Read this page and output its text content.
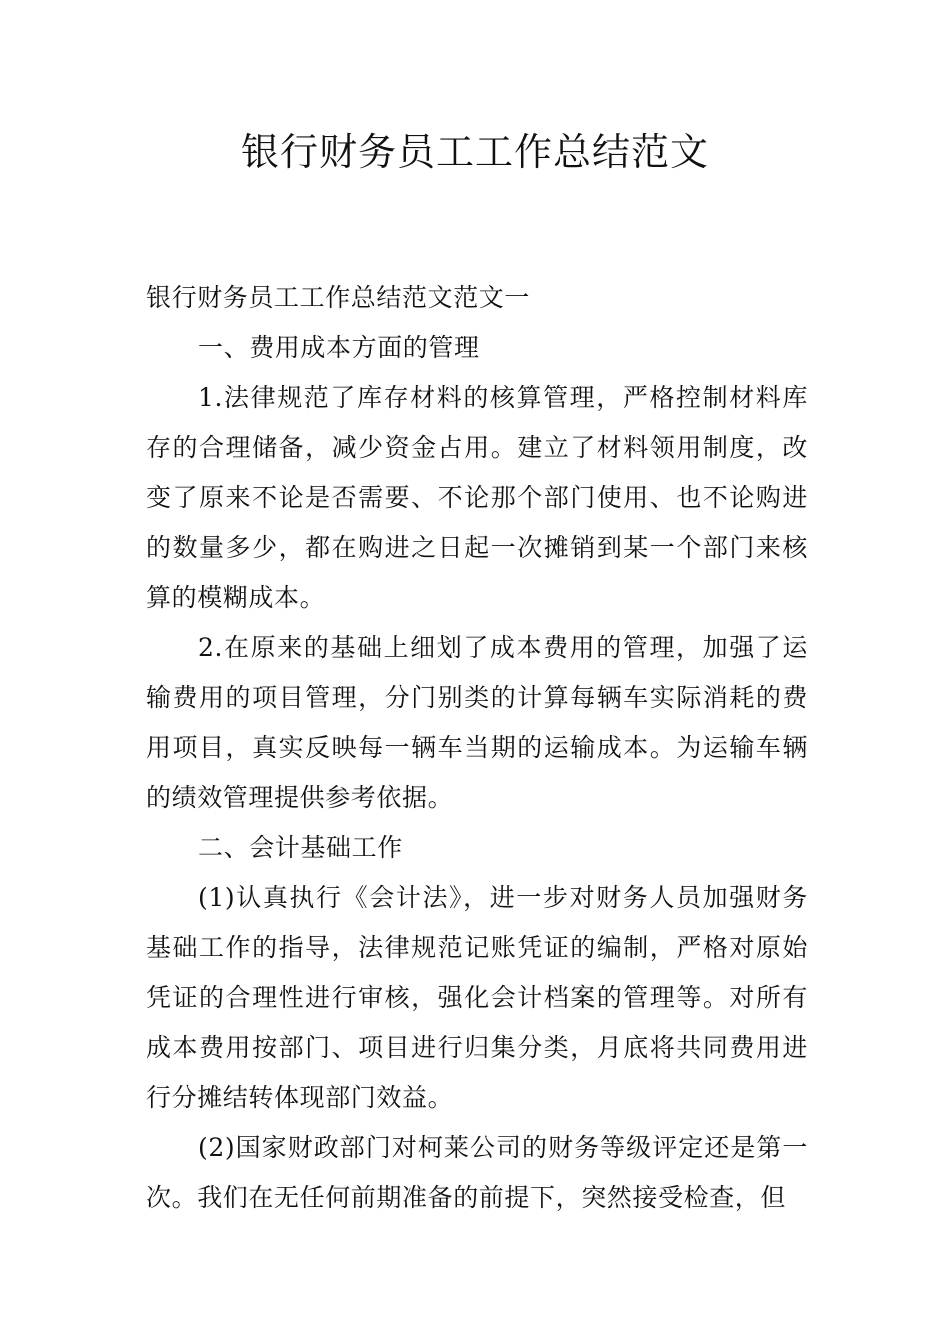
银行财务员工工作总结范文

银行财务员工工作总结范文范文一

一、费用成本方面的管理

1.法律规范了库存材料的核算管理，严格控制材料库存的合理储备，减少资金占用。建立了材料领用制度，改变了原来不论是否需要、不论那个部门使用、也不论购进的数量多少，都在购进之日起一次摊销到某一个部门来核算的模糊成本。

2.在原来的基础上细划了成本费用的管理，加强了运输费用的项目管理，分门别类的计算每辆车实际消耗的费用项目，真实反映每一辆车当期的运输成本。为运输车辆的绩效管理提供参考依据。

二、会计基础工作

(1)认真执行《会计法》，进一步对财务人员加强财务基础工作的指导，法律规范记账凭证的编制，严格对原始凭证的合理性进行审核，强化会计档案的管理等。对所有成本费用按部门、项目进行归集分类，月底将共同费用进行分摊结转体现部门效益。

(2)国家财政部门对柯莱公司的财务等级评定还是第一次。我们在无任何前期准备的前提下，突然接受检查，但
